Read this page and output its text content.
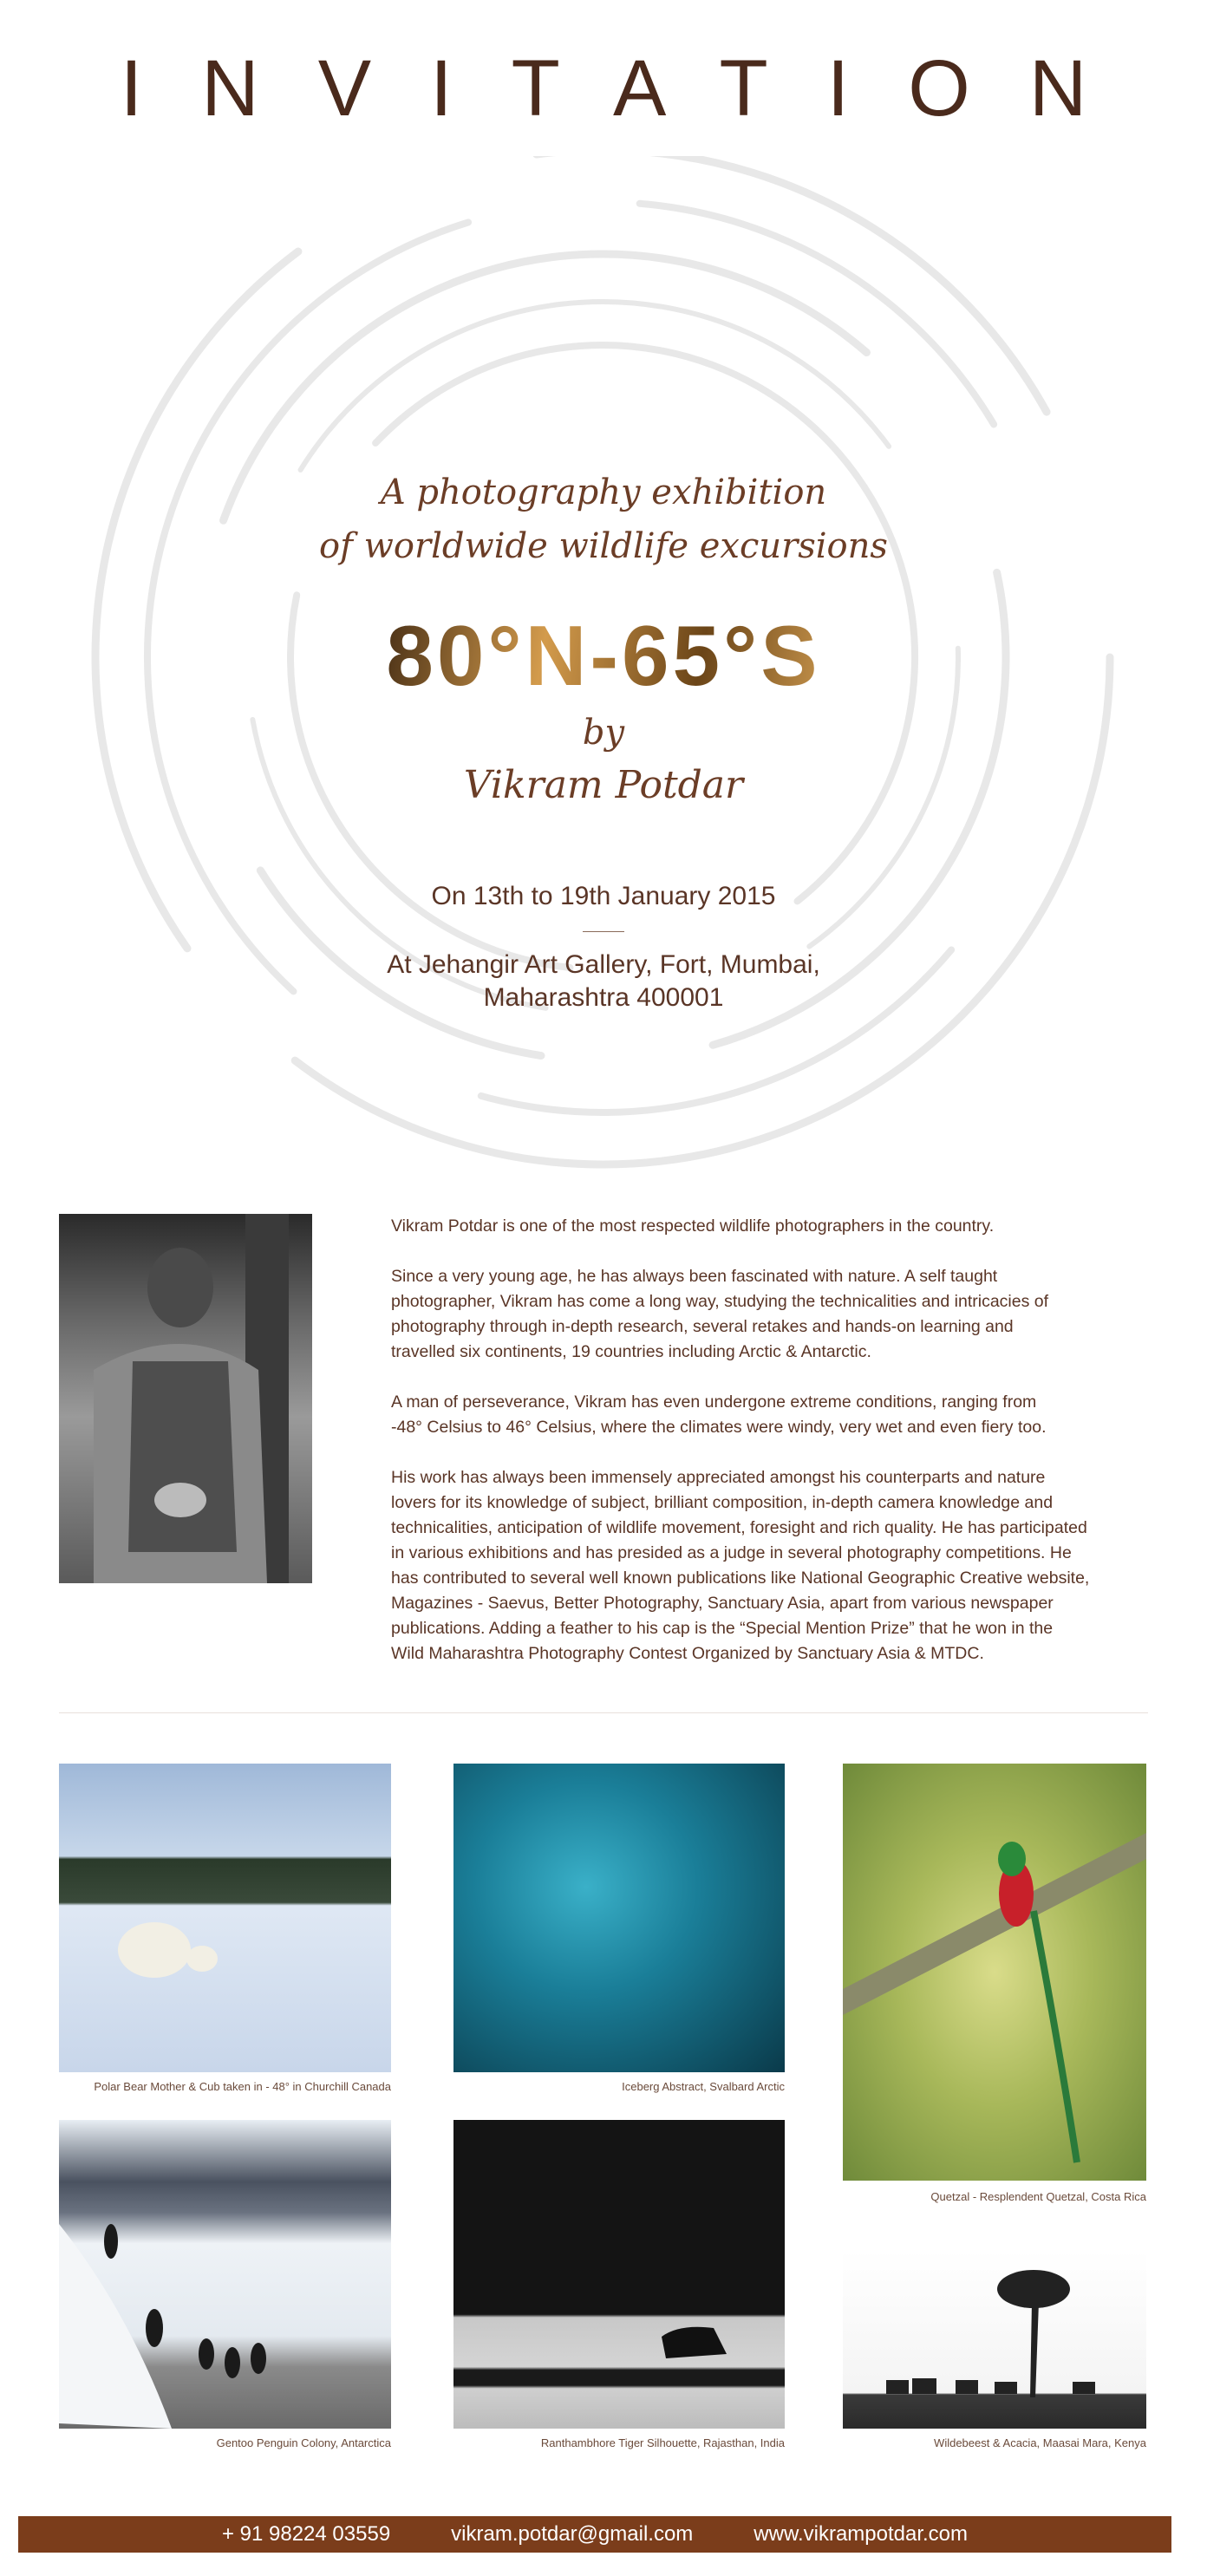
INVITATION
A photography exhibition
of worldwide wildlife excursions
80°N-65°S
by
Vikram Potdar
On 13th to 19th January 2015
At Jehangir Art Gallery, Fort, Mumbai,
Maharashtra 400001

Vikram Potdar is one of the most respected wildlife photographers in the country.

Since a very young age, he has always been fascinated with nature. A self taught
photographer, Vikram has come a long way, studying the technicalities and intricacies of
photography through in-depth research, several retakes and hands-on learning and
travelled six continents, 19 countries including Arctic & Antarctic.

A man of perseverance, Vikram has even undergone extreme conditions, ranging from
-48° Celsius to 46° Celsius, where the climates were windy, very wet and even fiery too.

His work has always been immensely appreciated amongst his counterparts and nature
lovers for its knowledge of subject, brilliant composition, in-depth camera knowledge and
technicalities, anticipation of wildlife movement, foresight and rich quality. He has participated
in various exhibitions and has presided as a judge in several photography competitions. He
has contributed to several well known publications like National Geographic Creative website,
Magazines - Saevus, Better Photography, Sanctuary Asia, apart from various newspaper
publications. Adding a feather to his cap is the “Special Mention Prize” that he won in the
Wild Maharashtra Photography Contest Organized by Sanctuary Asia & MTDC.

Polar Bear Mother & Cub taken in - 48° in Churchill Canada	Iceberg Abstract, Svalbard Arctic
Quetzal - Resplendent Quetzal, Costa Rica
Gentoo Penguin Colony, Antarctica	Ranthambhore Tiger Silhouette, Rajasthan, India	Wildebeest & Acacia, Maasai Mara, Kenya
+ 91 98224 03559	vikram.potdar@gmail.com	www.vikrampotdar.com
